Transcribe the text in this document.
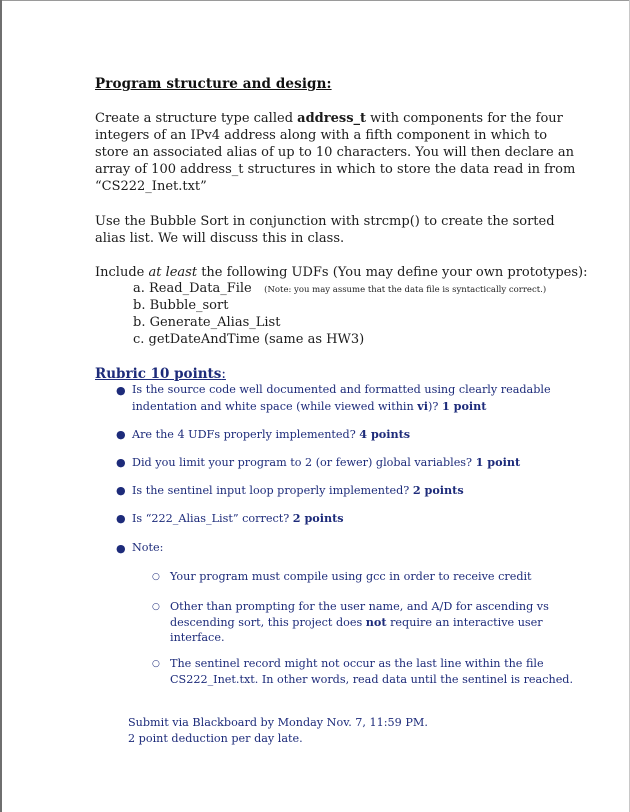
Program structure and design:

Create a structure type called address_t with components for the four

integers of an IPv4 address along with a fifth component in which to

store an associated alias of up to 10 characters. You will then declare an

array of 100 address_t structures in which to store the data read in from

“CS222_Inet.txt”

Use the Bubble Sort in conjunction with strcmp() to create the sorted

alias list. We will discuss this in class.

Include at least the following UDFs (You may define your own prototypes):

a. Read_Data_File (Note: you may assume that the data file is syntactically correct.)

b. Bubble_sort

b. Generate_Alias_List

c. getDateAndTime (same as HW3)

Rubric 10 points:

● Is the source code well documented and formatted using clearly readable

indentation and white space (while viewed within vi)? 1 point

● Are the 4 UDFs properly implemented? 4 points

● Did you limit your program to 2 (or fewer) global variables? 1 point

● Is the sentinel input loop properly implemented? 2 points

● Is “222_Alias_List” correct? 2 points

● Note:

○ Your program must compile using gcc in order to receive credit

○ Other than prompting for the user name, and A/D for ascending vs

descending sort, this project does not require an interactive user

interface.

○ The sentinel record might not occur as the last line within the file

CS222_Inet.txt. In other words, read data until the sentinel is reached.

Submit via Blackboard by Monday Nov. 7, 11:59 PM.

2 point deduction per day late.
